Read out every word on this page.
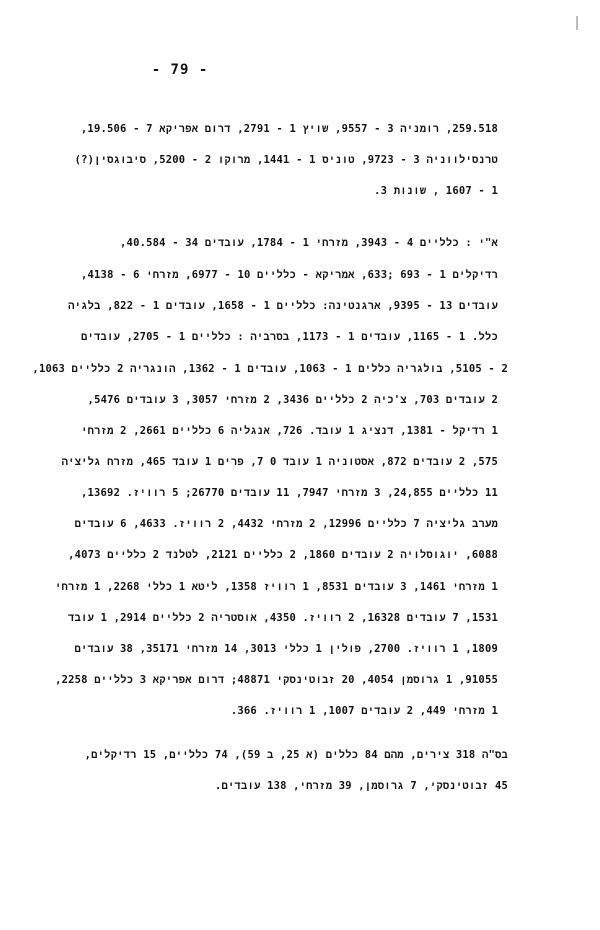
- 79 -
259.518, רומניה 3 - 9557, שויץ 1 - 2791, דרום אפריקא 7 - 19.506,
טרנסילווניה 3 - 9723, טוניס 1 - 1441, מרוקו 2 - 5200, סיבוגסין(?)
1 - 1607 , שונות 3.
א"י : כלליים 4 - 3943, מזרחי 1 - 1784, עובדים 34 - 40.584,
רדיקלים 1 - 693 ;633, אמריקא - כלליים 10 - 6977, מזרחי 6 - 4138,
עובדים 13 - 9395, ארגנטינה: כלליים 1 - 1658, עובדים 1 - 822, בלגיה
כלל. 1 - 1165, עובדים 1 - 1173, בסרביה : כלליים 1 - 2705, עובדים
2 - 5105, בולגריה כללים 1 - 1063, עובדים 1 - 1362, הונגריה 2 כלליים 1063,
2 עובדים 703, צ'כיה 2 כלליים 3436, 2 מזרחי 3057, 3 עובדים 5476,
1 רדיקל - 1381, דנציג 1 עובד. 726, אנגליה 6 כלליים 2661, 2 מזרחי
575, 2 עובדים 872, אסטוניה 1 עובד 0 7, פרים 1 עובד 465, מזרח גליציה
11 כלליים 24,855, 3 מזרחי 7947, 11 עובדים 26770; 5 רוויז. 13692,
מערב גליציה 7 כלליים 12996, 2 מזרחי 4432, 2 רוויז. 4633, 6 עובדים
6088, יוגוסלויה 2 עובדים 1860, 2 כלליים 2121, לטלנד 2 כלליים 4073,
1 מזרחי 1461, 3 עובדים 8531, 1 רוויז 1358, ליטא 1 כללי 2268, 1 מזרחי
1531, 7 עובדים 16328, 2 רוויז. 4350, אוסטריה 2 כלליים 2914, 1 עובד
1809, 1 רוויז. 2700, פולין 1 כללי 3013, 14 מזרחי 35171, 38 עובדים
91055, 1 גרוסמן 4054, 20 זבוטינסקי 48871; דרום אפריקא 3 כלליים 2258,
1 מזרחי 449, 2 עובדים 1007, 1 רוויז. 366.
בס"ה 318 צירים, מהם 84 כללים (א 25, ב 59), 74 כלליים, 15 רדיקלים,
45 זבוטינסקי, 7 גרוסמן, 39 מזרחי, 138 עובדים.
